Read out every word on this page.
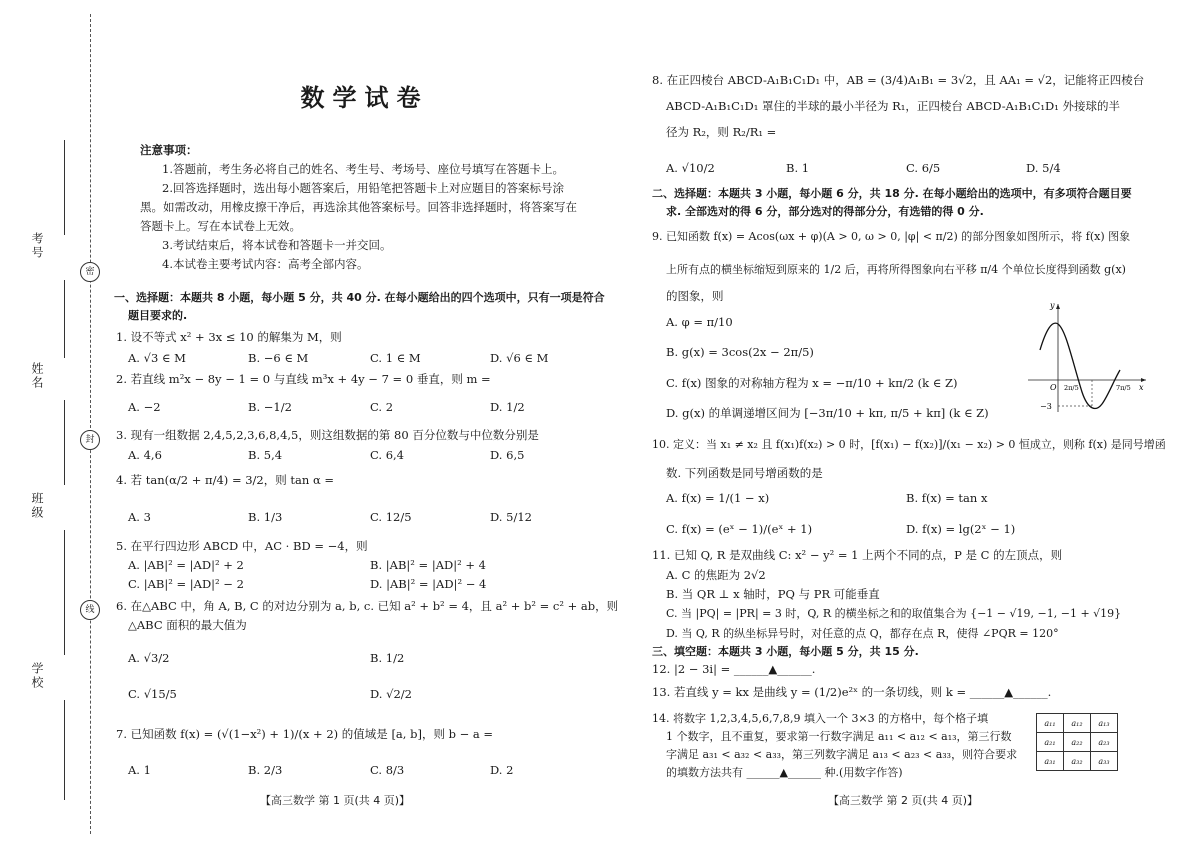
考号
密
姓名
封
班级
线
学校
数学试卷
注意事项：
1.答题前，考生务必将自己的姓名、考生号、考场号、座位号填写在答题卡上。
2.回答选择题时，选出每小题答案后，用铅笔把答题卡上对应题目的答案标号涂
黑。如需改动，用橡皮擦干净后，再选涂其他答案标号。回答非选择题时，将答案写在
答题卡上。写在本试卷上无效。
3.考试结束后，将本试卷和答题卡一并交回。
4.本试卷主要考试内容：高考全部内容。
一、选择题：本题共 8 小题，每小题 5 分，共 40 分. 在每小题给出的四个选项中，只有一项是符合
题目要求的.
1. 设不等式 x² + 3x ≤ 10 的解集为 M，则
A. √3 ∈ M	B. −6 ∈ M	C. 1 ∈ M	D. √6 ∈ M
2. 若直线 m²x − 8y − 1 = 0 与直线 m³x + 4y − 7 = 0 垂直，则 m =
A. −2	B. −1/2	C. 2	D. 1/2
3. 现有一组数据 2,4,5,2,3,6,8,4,5，则这组数据的第 80 百分位数与中位数分别是
A. 4,6	B. 5,4	C. 6,4	D. 6,5
4. 若 tan(α/2 + π/4) = 3/2，则 tan α =
A. 3	B. 1/3	C. 12/5	D. 5/12
5. 在平行四边形 ABCD 中，AC · BD = −4，则
A. |AB|² = |AD|² + 2	B. |AB|² = |AD|² + 4
C. |AB|² = |AD|² − 2	D. |AB|² = |AD|² − 4
6. 在△ABC 中，角 A, B, C 的对边分别为 a, b, c. 已知 a² + b² = 4，且 a² + b² = c² + ab，则
△ABC 面积的最大值为
A. √3/2	B. 1/2
C. √15/5	D. √2/2
7. 已知函数 f(x) = (√(1−x²) + 1)/(x + 2) 的值域是 [a, b]，则 b − a =
A. 1	B. 2/3	C. 8/3	D. 2
【高三数学 第 1 页(共 4 页)】
8. 在正四棱台 ABCD-A₁B₁C₁D₁ 中，AB = (3/4)A₁B₁ = 3√2，且 AA₁ = √2，记能将正四棱台
ABCD-A₁B₁C₁D₁ 罩住的半球的最小半径为 R₁，正四棱台 ABCD-A₁B₁C₁D₁ 外接球的半
径为 R₂，则 R₂/R₁ =
A. √10/2	B. 1	C. 6/5	D. 5/4
二、选择题：本题共 3 小题，每小题 6 分，共 18 分. 在每小题给出的选项中，有多项符合题目要
求. 全部选对的得 6 分，部分选对的得部分分，有选错的得 0 分.
9. 已知函数 f(x) = Acos(ωx + φ)(A > 0, ω > 0, |φ| < π/2) 的部分图象如图所示，将 f(x) 图象
上所有点的横坐标缩短到原来的 1/2 后，再将所得图象向右平移 π/4 个单位长度得到函数 g(x)
的图象，则
A. φ = π/10
B. g(x) = 3cos(2x − 2π/5)
C. f(x) 图象的对称轴方程为 x = −π/10 + kπ/2 (k ∈ Z)
D. g(x) 的单调递增区间为 [−3π/10 + kπ, π/5 + kπ] (k ∈ Z)
10. 定义：当 x₁ ≠ x₂ 且 f(x₁)f(x₂) > 0 时，[f(x₁) − f(x₂)]/(x₁ − x₂) > 0 恒成立，则称 f(x) 是同号增函
数. 下列函数是同号增函数的是
A. f(x) = 1/(1 − x)	B. f(x) = tan x
C. f(x) = (eˣ − 1)/(eˣ + 1)	D. f(x) = lg(2ˣ − 1)
11. 已知 Q, R 是双曲线 C: x² − y² = 1 上两个不同的点，P 是 C 的左顶点，则
A. C 的焦距为 2√2
B. 当 QR ⊥ x 轴时，PQ 与 PR 可能垂直
C. 当 |PQ| = |PR| = 3 时，Q, R 的横坐标之和的取值集合为 {−1 − √19, −1, −1 + √19}
D. 当 Q, R 的纵坐标异号时，对任意的点 Q，都存在点 R，使得 ∠PQR = 120°
三、填空题：本题共 3 小题，每小题 5 分，共 15 分.
12. |2 − 3i| = ______▲______.
13. 若直线 y = kx 是曲线 y = (1/2)e²ˣ 的一条切线，则 k = ______▲______.
14. 将数字 1,2,3,4,5,6,7,8,9 填入一个 3×3 的方格中，每个格子填
1 个数字，且不重复，要求第一行数字满足 a₁₁ < a₁₂ < a₁₃，第三行数
字满足 a₃₁ < a₃₂ < a₃₃，第三列数字满足 a₁₃ < a₂₃ < a₃₃，则符合要求
的填数方法共有 ______▲______ 种.(用数字作答)
【高三数学 第 2 页(共 4 页)】
y
x
O
−3
2π/5	7π/5
a₁₁	a₁₂	a₁₃
a₂₁	a₂₂	a₂₃
a₃₁	a₃₂	a₃₃
